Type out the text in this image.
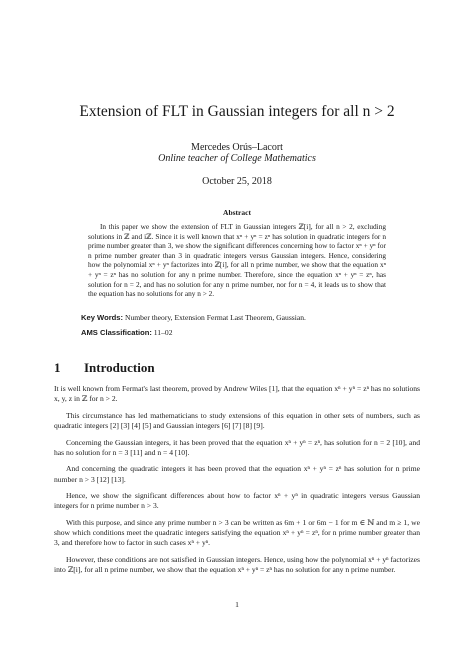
Extension of FLT in Gaussian integers for all n > 2
Mercedes Orús–Lacort
Online teacher of College Mathematics
October 25, 2018
Abstract
In this paper we show the extension of FLT in Gaussian integers ℤ[i], for all n > 2, excluding solutions in ℤ and iℤ. Since it is well known that xⁿ + yⁿ = zⁿ has solution in quadratic integers for n prime number greater than 3, we show the significant differences concerning how to factor xⁿ + yⁿ for n prime number greater than 3 in quadratic integers versus Gaussian integers. Hence, considering how the polynomial xⁿ + yⁿ factorizes into ℤ[i], for all n prime number, we show that the equation xⁿ + yⁿ = zⁿ has no solution for any n prime number. Therefore, since the equation xⁿ + yⁿ = zⁿ, has solution for n = 2, and has no solution for any n prime number, nor for n = 4, it leads us to show that the equation has no solutions for any n > 2.
Key Words: Number theory, Extension Fermat Last Theorem, Gaussian.
AMS Classification: 11–02
1 Introduction

It is well known from Fermat's last theorem, proved by Andrew Wiles [1], that the equation xⁿ + yⁿ = zⁿ has no solutions x, y, z in ℤ for n > 2.

This circumstance has led mathematicians to study extensions of this equation in other sets of numbers, such as quadratic integers [2] [3] [4] [5] and Gaussian integers [6] [7] [8] [9].

Concerning the Gaussian integers, it has been proved that the equation xⁿ + yⁿ = zⁿ, has solution for n = 2 [10], and has no solution for n = 3 [11] and n = 4 [10].

And concerning the quadratic integers it has been proved that the equation xⁿ + yⁿ = zⁿ has solution for n prime number n > 3 [12] [13].

Hence, we show the significant differences about how to factor xⁿ + yⁿ in quadratic integers versus Gaussian integers for n prime number n > 3.

With this purpose, and since any prime number n > 3 can be written as 6m + 1 or 6m − 1 for m ∈ ℕ and m ≥ 1, we show which conditions meet the quadratic integers satisfying the equation xⁿ + yⁿ = zⁿ, for n prime number greater than 3, and therefore how to factor in such cases xⁿ + yⁿ.

However, these conditions are not satisfied in Gaussian integers. Hence, using how the polynomial xⁿ + yⁿ factorizes into ℤ[i], for all n prime number, we show that the equation xⁿ + yⁿ = zⁿ has no solution for any n prime number.

1
